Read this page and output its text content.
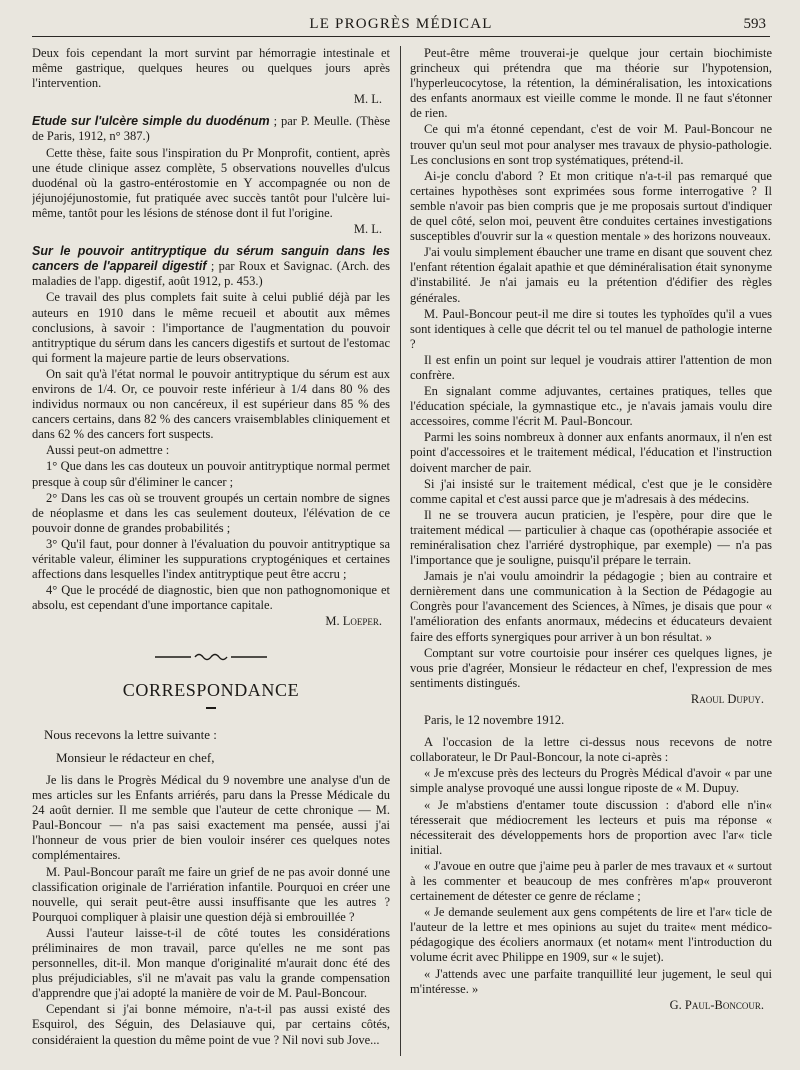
LE PROGRÈS MÉDICAL	593

Deux fois cependant la mort survint par hémorragie intestinale et même gastrique, quelques heures ou quelques jours après l'intervention.

M. L.

Etude sur l'ulcère simple du duodénum ; par P. Meulle. (Thèse de Paris, 1912, n° 387.)

Cette thèse, faite sous l'inspiration du Pr Monprofit, contient, après une étude clinique assez complète, 5 observations nouvelles d'ulcus duodénal où la gastro-entérostomie en Y accompagnée ou non de jéjunojéjunostomie, fut pratiquée avec succès tantôt pour l'ulcère lui-même, tantôt pour les lésions de sténose dont il fut l'origine.

M. L.

Sur le pouvoir antitryptique du sérum sanguin dans les cancers de l'appareil digestif ; par Roux et Savignac. (Arch. des maladies de l'app. digestif, août 1912, p. 453.)

Ce travail des plus complets fait suite à celui publié déjà par les auteurs en 1910 dans le même recueil et aboutit aux mêmes conclusions, à savoir : l'importance de l'augmentation du pouvoir antitryptique du sérum dans les cancers digestifs et surtout de l'estomac qui forment la majeure partie de leurs observations.

On sait qu'à l'état normal le pouvoir antitryptique du sérum est aux environs de 1/4. Or, ce pouvoir reste inférieur à 1/4 dans 80 % des individus normaux ou non cancéreux, il est supérieur dans 85 % des cancers certains, dans 82 % des cancers vraisemblables cliniquement et dans 62 % des cancers fort suspects.

Aussi peut-on admettre :

1° Que dans les cas douteux un pouvoir antitryptique normal permet presque à coup sûr d'éliminer le cancer ;

2° Dans les cas où se trouvent groupés un certain nombre de signes de néoplasme et dans les cas seulement douteux, l'élévation de ce pouvoir donne de grandes probabilités ;

3° Qu'il faut, pour donner à l'évaluation du pouvoir antitryptique sa véritable valeur, éliminer les suppurations cryptogéniques et certaines affections dans lesquelles l'index antitryptique peut être accru ;

4° Que le procédé de diagnostic, bien que non pathognomonique et absolu, est cependant d'une importance capitale.

M. Loeper.

CORRESPONDANCE

Nous recevons la lettre suivante :

Monsieur le rédacteur en chef,

Je lis dans le Progrès Médical du 9 novembre une analyse d'un de mes articles sur les Enfants arriérés, paru dans la Presse Médicale du 24 août dernier. Il me semble que l'auteur de cette chronique — M. Paul-Boncour — n'a pas saisi exactement ma pensée, aussi j'ai l'honneur de vous prier de bien vouloir insérer ces quelques notes complémentaires.

M. Paul-Boncour paraît me faire un grief de ne pas avoir donné une classification originale de l'arriération infantile. Pourquoi en créer une nouvelle, qui serait peut-être aussi insuffisante que les autres ? Pourquoi compliquer à plaisir une question déjà si embrouillée ?

Aussi l'auteur laisse-t-il de côté toutes les considérations préliminaires de mon travail, parce qu'elles ne me sont pas personnelles, dit-il. Mon manque d'originalité m'aurait donc été des plus préjudiciables, s'il ne m'avait pas valu la grande compensation d'apprendre que j'ai adopté la manière de voir de M. Paul-Boncour.

Cependant si j'ai bonne mémoire, n'a-t-il pas aussi existé des Esquirol, des Séguin, des Delasiauve qui, par certains côtés, considéraient la question du même point de vue ? Nil novi sub Jove...

Peut-être même trouverai-je quelque jour certain biochimiste grincheux qui prétendra que ma théorie sur l'hypotension, l'hyperleucocytose, la rétention, la déminéralisation, les intoxications des enfants anormaux est vieille comme le monde. Il ne faut s'étonner de rien.

Ce qui m'a étonné cependant, c'est de voir M. Paul-Boncour ne trouver qu'un seul mot pour analyser mes travaux de physio-pathologie. Les conclusions en sont trop systématiques, prétend-il.

Ai-je conclu d'abord ? Et mon critique n'a-t-il pas remarqué que certaines hypothèses sont exprimées sous forme interrogative ? Il semble n'avoir pas bien compris que je me proposais surtout d'indiquer de quel côté, selon moi, peuvent être conduites certaines investigations susceptibles d'ouvrir sur la « question mentale » des horizons nouveaux.

J'ai voulu simplement ébaucher une trame en disant que souvent chez l'enfant rétention égalait apathie et que déminéralisation était synonyme d'instabilité. Je n'ai jamais eu la prétention d'édifier des règles générales.

M. Paul-Boncour peut-il me dire si toutes les typhoïdes qu'il a vues sont identiques à celle que décrit tel ou tel manuel de pathologie interne ?

Il est enfin un point sur lequel je voudrais attirer l'attention de mon confrère.

En signalant comme adjuvantes, certaines pratiques, telles que l'éducation spéciale, la gymnastique etc., je n'avais jamais voulu dire accessoires, comme l'écrit M. Paul-Boncour.

Parmi les soins nombreux à donner aux enfants anormaux, il n'en est point d'accessoires et le traitement médical, l'éducation et l'instruction doivent marcher de pair.

Si j'ai insisté sur le traitement médical, c'est que je le considère comme capital et c'est aussi parce que je m'adresais à des médecins.

Il ne se trouvera aucun praticien, je l'espère, pour dire que le traitement médical — particulier à chaque cas (opothérapie associée et reminéralisation chez l'arriéré dystrophique, par exemple) — n'a pas l'importance que je souligne, puisqu'il prépare le terrain.

Jamais je n'ai voulu amoindrir la pédagogie ; bien au contraire et dernièrement dans une communication à la Section de Pédagogie au Congrès pour l'avancement des Sciences, à Nîmes, je disais que pour « l'amélioration des enfants anormaux, médecins et éducateurs devaient faire des efforts synergiques pour arriver à un bon résultat. »

Comptant sur votre courtoisie pour insérer ces quelques lignes, je vous prie d'agréer, Monsieur le rédacteur en chef, l'expression de mes sentiments distingués.

Raoul Dupuy.

Paris, le 12 novembre 1912.

A l'occasion de la lettre ci-dessus nous recevons de notre collaborateur, le Dr Paul-Boncour, la note ci-après :

« Je m'excuse près des lecteurs du Progrès Médical d'avoir « par une simple analyse provoqué une aussi longue riposte de « M. Dupuy.

« Je m'abstiens d'entamer toute discussion : d'abord elle n'in« téresserait que médiocrement les lecteurs et puis ma réponse « nécessiterait des développements hors de proportion avec l'ar« ticle initial.

« J'avoue en outre que j'aime peu à parler de mes travaux et « surtout à les commenter et beaucoup de mes confrères m'ap« prouveront certainement de détester ce genre de réclame ;

« Je demande seulement aux gens compétents de lire et l'ar« ticle de l'auteur de la lettre et mes opinions au sujet du traite« ment médico-pédagogique des écoliers anormaux (et notam« ment l'introduction du volume écrit avec Philippe en 1909, sur « le sujet).

« J'attends avec une parfaite tranquillité leur jugement, le seul qui m'intéresse. »

G. Paul-Boncour.
